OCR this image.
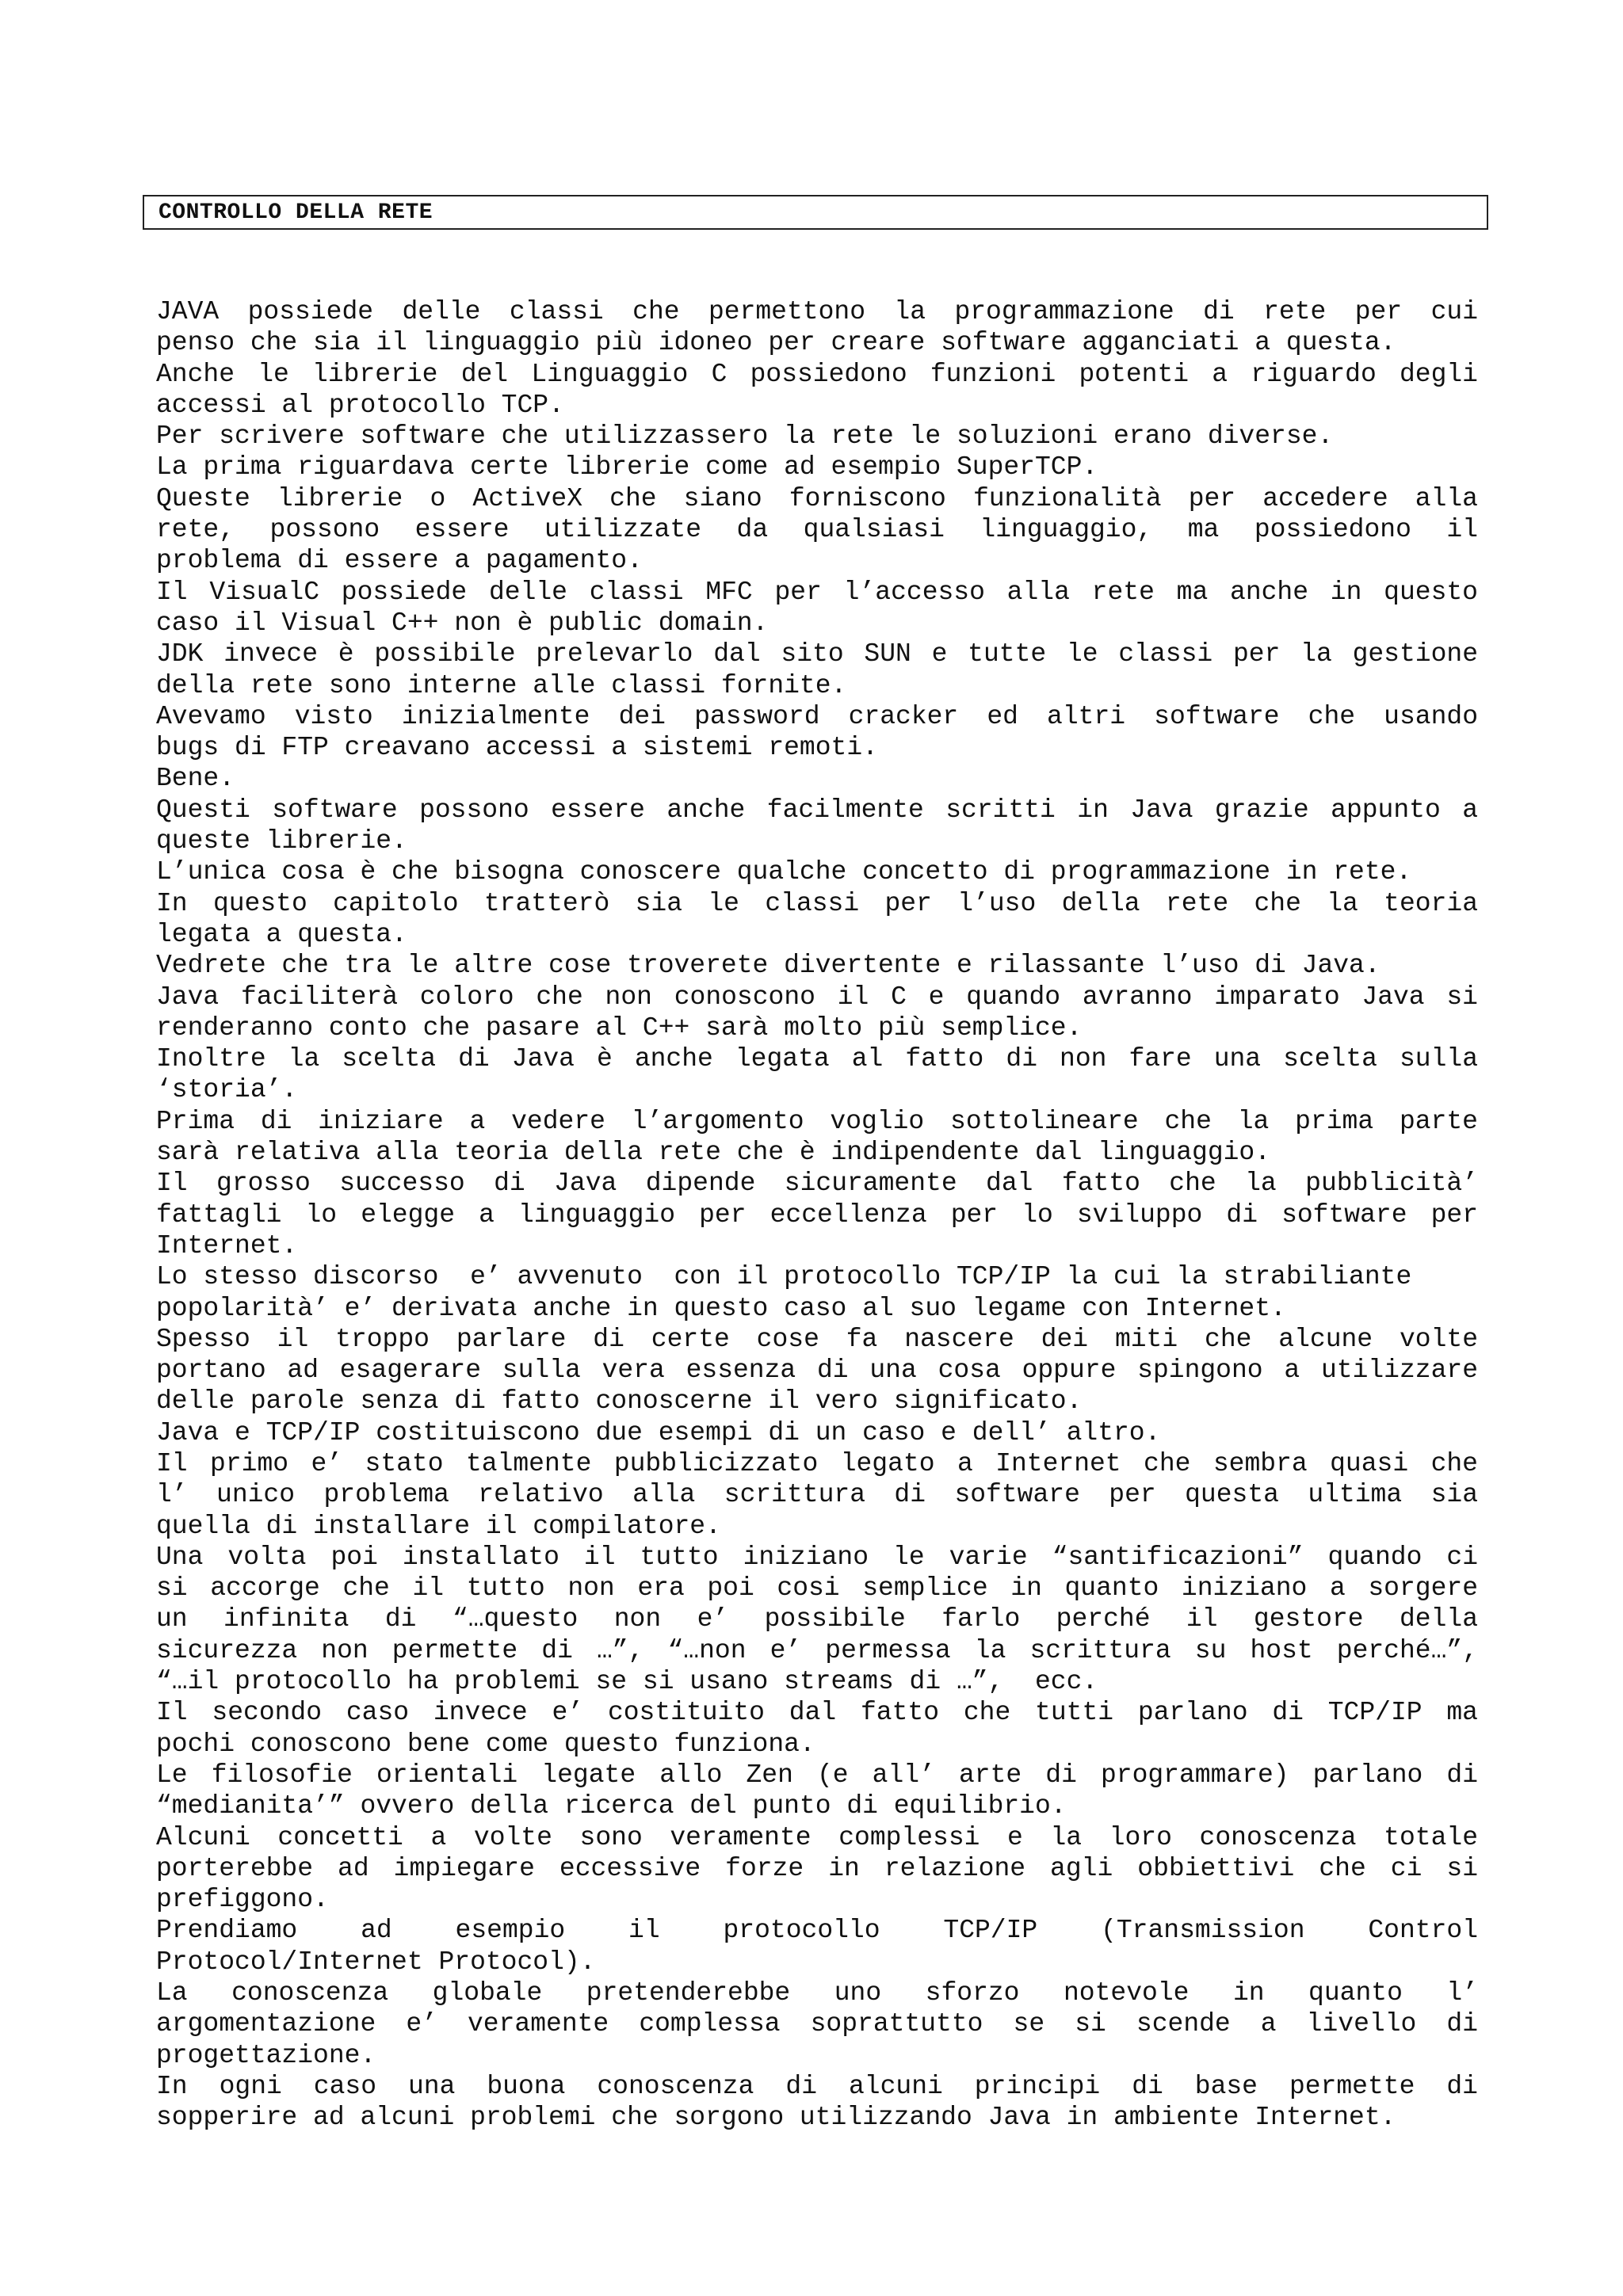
CONTROLLO DELLA RETE
JAVA possiede delle classi che permettono la programmazione di rete per cui
penso che sia il linguaggio più idoneo per creare software agganciati a questa.
Anche le librerie del Linguaggio C possiedono funzioni potenti a riguardo degli
accessi al protocollo TCP.
Per scrivere software che utilizzassero la rete le soluzioni erano diverse.
La prima riguardava certe librerie come ad esempio SuperTCP.
Queste librerie o ActiveX che siano forniscono funzionalità per accedere alla
rete, possono essere utilizzate da qualsiasi linguaggio, ma possiedono il
problema di essere a pagamento.
Il VisualC possiede delle classi MFC per l’accesso alla rete ma anche in questo
caso il Visual C++ non è public domain.
JDK invece è possibile prelevarlo dal sito SUN e tutte le classi per la gestione
della rete sono interne alle classi fornite.
Avevamo visto inizialmente dei password cracker ed altri software che usando
bugs di FTP creavano accessi a sistemi remoti.
Bene.
Questi software possono essere anche facilmente scritti in Java grazie appunto a
queste librerie.
L’unica cosa è che bisogna conoscere qualche concetto di programmazione in rete.
In questo capitolo tratterò sia le classi per l’uso della rete che la teoria
legata a questa.
Vedrete che tra le altre cose troverete divertente e rilassante l’uso di Java.
Java faciliterà coloro che non conoscono il C e quando avranno imparato Java si
renderanno conto che pasare al C++ sarà molto più semplice.
Inoltre la scelta di Java è anche legata al fatto di non fare una scelta sulla
‘storia’.
Prima di iniziare a vedere l’argomento voglio sottolineare che la prima parte
sarà relativa alla teoria della rete che è indipendente dal linguaggio.
Il grosso successo di Java dipende sicuramente dal fatto che la pubblicità’
fattagli lo elegge a linguaggio per eccellenza per lo sviluppo di software per
Internet.
Lo stesso discorso  e’ avvenuto  con il protocollo TCP/IP la cui la strabiliante
popolarità’ e’ derivata anche in questo caso al suo legame con Internet.
Spesso il troppo parlare di certe cose fa nascere dei miti che alcune volte
portano ad esagerare sulla vera essenza di una cosa oppure spingono a utilizzare
delle parole senza di fatto conoscerne il vero significato.
Java e TCP/IP costituiscono due esempi di un caso e dell’ altro.
Il primo e’ stato talmente pubblicizzato legato a Internet che sembra quasi che
l’ unico problema relativo alla scrittura di software per questa ultima sia
quella di installare il compilatore.
Una volta poi installato il tutto iniziano le varie “santificazioni” quando ci
si accorge che il tutto non era poi cosi semplice in quanto iniziano a sorgere
un infinita di “…questo non e’ possibile farlo perché il gestore della
sicurezza non permette di …”, “…non e’ permessa la scrittura su host perché…”,
“…il protocollo ha problemi se si usano streams di …”,  ecc.
Il secondo caso invece e’ costituito dal fatto che tutti parlano di TCP/IP ma
pochi conoscono bene come questo funziona.
Le filosofie orientali legate allo Zen (e all’ arte di programmare) parlano di
“medianita’” ovvero della ricerca del punto di equilibrio.
Alcuni concetti a volte sono veramente complessi e la loro conoscenza totale
porterebbe ad impiegare eccessive forze in relazione agli obbiettivi che ci si
prefiggono.
Prendiamo ad esempio il protocollo TCP/IP (Transmission Control
Protocol/Internet Protocol).
La conoscenza globale pretenderebbe uno sforzo notevole in quanto l’
argomentazione e’ veramente complessa soprattutto se si scende a livello di
progettazione.
In ogni caso una buona conoscenza di alcuni principi di base permette di
sopperire ad alcuni problemi che sorgono utilizzando Java in ambiente Internet.
